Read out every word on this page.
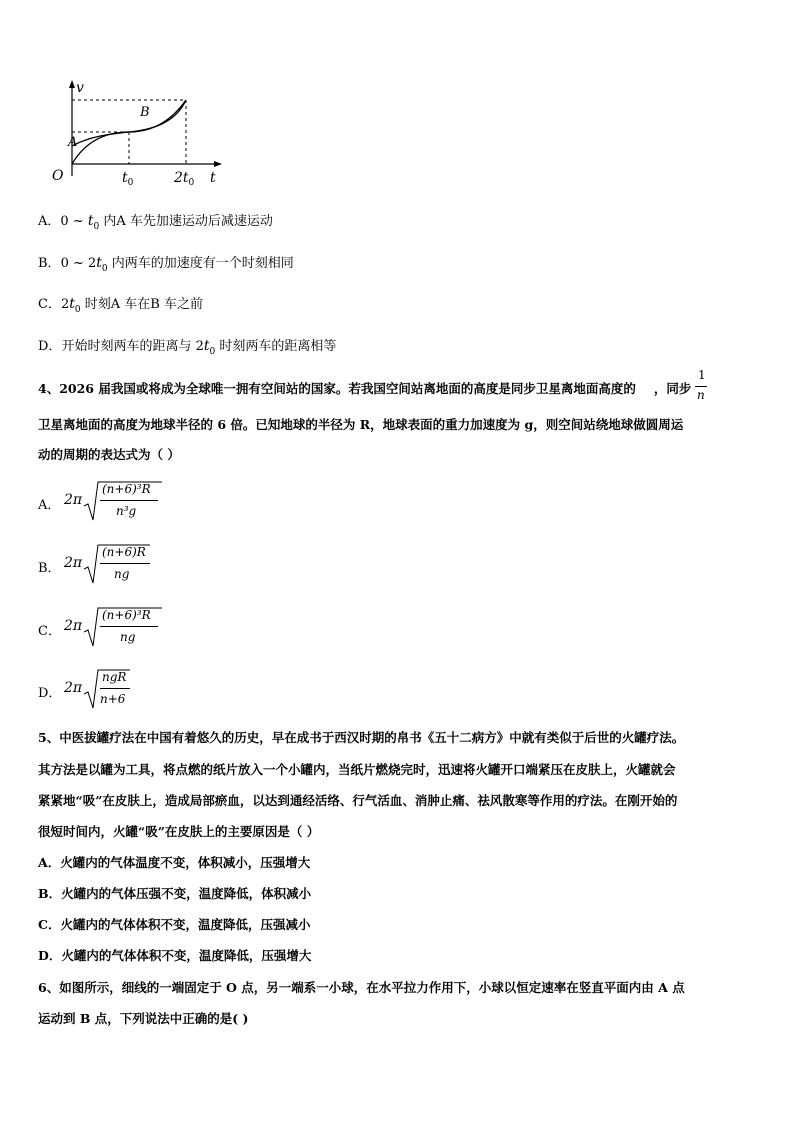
v
O
A
B
t
$t_0$	$2t_0$
A．0 ~ $t_0$ 内A 车先加速运动后减速运动
B．0 ~ $2t_0$ 内两车的加速度有一个时刻相同
C．$2t_0$ 时刻A 车在B 车之前
D．开始时刻两车的距离与 $2t_0$ 时刻两车的距离相等
4、2026 届我国或将成为全球唯一拥有空间站的国家。若我国空间站离地面的高度是同步卫星离地面高度的 ，同步
1
n
卫星离地面的高度为地球半径的 6 倍。已知地球的半径为 R，地球表面的重力加速度为 g，则空间站绕地球做圆周运
动的周期的表达式为（ ）
A． 2π
(n+6)³R
n³g
B． 2π
(n+6)R
ng
C． 2π
(n+6)³R
ng
D． 2π
ngR
n+6
5、中医拔罐疗法在中国有着悠久的历史，早在成书于西汉时期的帛书《五十二病方》中就有类似于后世的火罐疗法。
其方法是以罐为工具，将点燃的纸片放入一个小罐内，当纸片燃烧完时，迅速将火罐开口端紧压在皮肤上，火罐就会
紧紧地“吸”在皮肤上，造成局部瘀血，以达到通经活络、行气活血、消肿止痛、祛风散寒等作用的疗法。在刚开始的
很短时间内，火罐“吸”在皮肤上的主要原因是（ ）
A．火罐内的气体温度不变，体积减小，压强增大
B．火罐内的气体压强不变，温度降低，体积减小
C．火罐内的气体体积不变，温度降低，压强减小
D．火罐内的气体体积不变，温度降低，压强增大
6、如图所示，细线的一端固定于 O 点，另一端系一小球，在水平拉力作用下，小球以恒定速率在竖直平面内由 A 点
运动到 B 点，下列说法中正确的是( )
